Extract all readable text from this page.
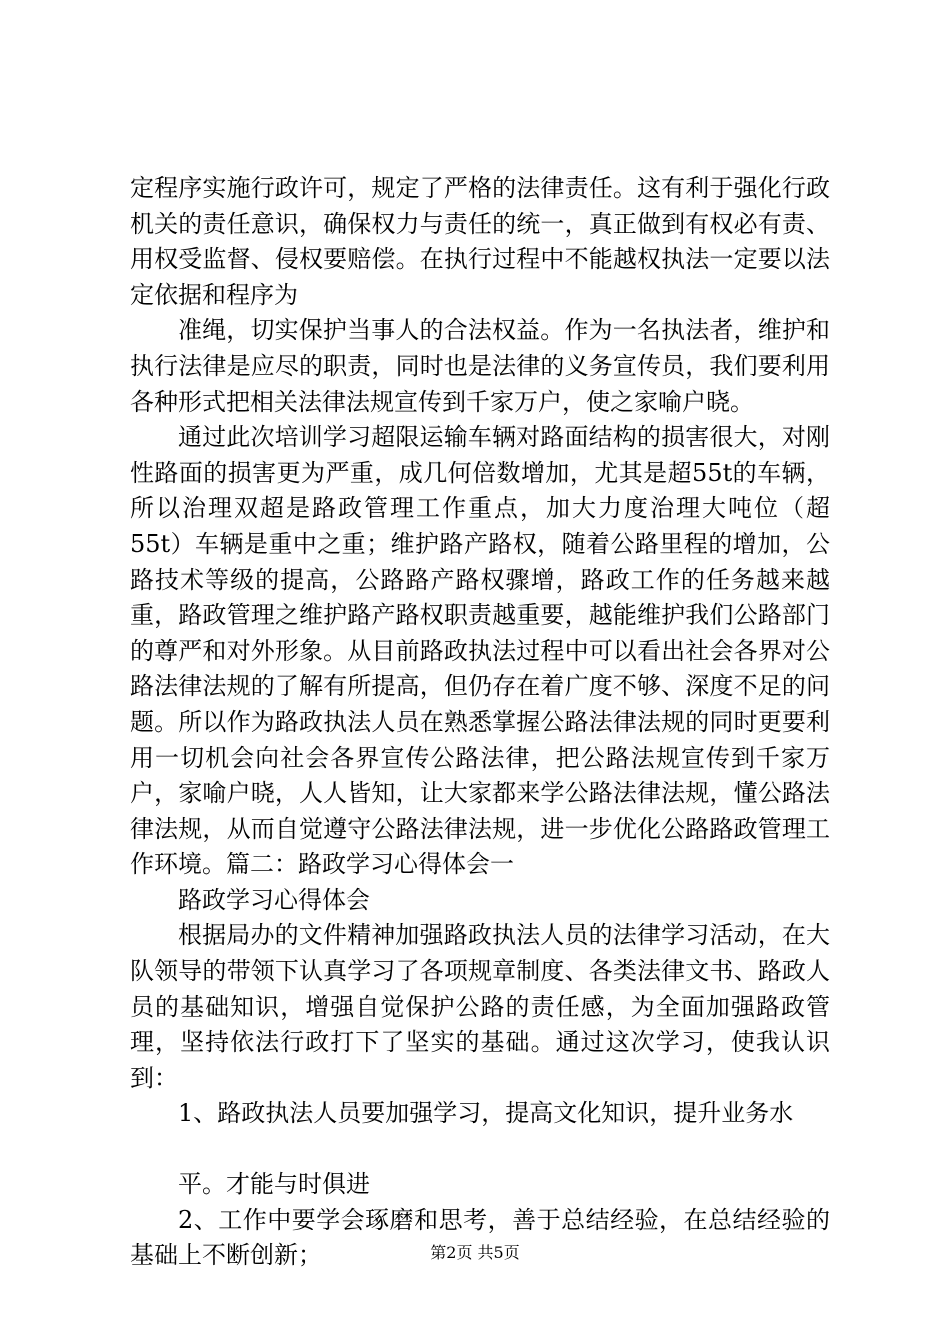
定程序实施行政许可，规定了严格的法律责任。这有利于强化行政机关的责任意识，确保权力与责任的统一，真正做到有权必有责、用权受监督、侵权要赔偿。在执行过程中不能越权执法一定要以法定依据和程序为

准绳，切实保护当事人的合法权益。作为一名执法者，维护和执行法律是应尽的职责，同时也是法律的义务宣传员，我们要利用各种形式把相关法律法规宣传到千家万户，使之家喻户晓。

通过此次培训学习超限运输车辆对路面结构的损害很大，对刚性路面的损害更为严重，成几何倍数增加，尤其是超55t的车辆，所以治理双超是路政管理工作重点，加大力度治理大吨位（超55t）车辆是重中之重；维护路产路权，随着公路里程的增加，公路技术等级的提高，公路路产路权骤增，路政工作的任务越来越重，路政管理之维护路产路权职责越重要，越能维护我们公路部门的尊严和对外形象。从目前路政执法过程中可以看出社会各界对公路法律法规的了解有所提高，但仍存在着广度不够、深度不足的问题。所以作为路政执法人员在熟悉掌握公路法律法规的同时更要利用一切机会向社会各界宣传公路法律，把公路法规宣传到千家万户，家喻户晓，人人皆知，让大家都来学公路法律法规，懂公路法律法规，从而自觉遵守公路法律法规，进一步优化公路路政管理工作环境。篇二：路政学习心得体会一

路政学习心得体会

根据局办的文件精神加强路政执法人员的法律学习活动，在大队领导的带领下认真学习了各项规章制度、各类法律文书、路政人员的基础知识，增强自觉保护公路的责任感，为全面加强路政管理，坚持依法行政打下了坚实的基础。通过这次学习，使我认识到：

1、路政执法人员要加强学习，提高文化知识，提升业务水

平。才能与时俱进

2、工作中要学会琢磨和思考，善于总结经验，在总结经验的基础上不断创新；	第2页 共5页
